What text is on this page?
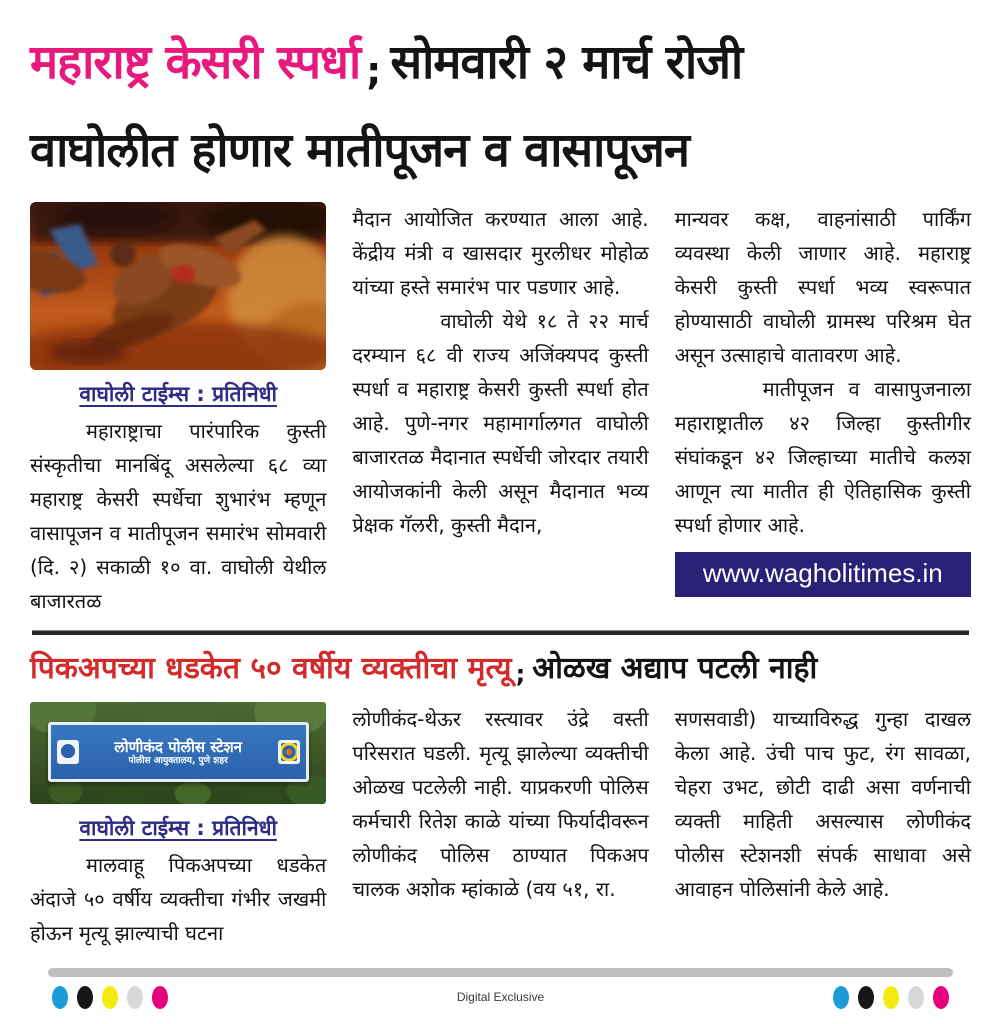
महाराष्ट्र केसरी स्पर्धा ; सोमवारी २ मार्च रोजी
वाघोलीत होणार मातीपूजन व वासापूजन
वाघोली टाईम्स : प्रतिनिधी

महाराष्ट्राचा पारंपारिक कुस्ती संस्कृतीचा मानबिंदू असलेल्या ६८ व्या महाराष्ट्र केसरी स्पर्धेचा शुभारंभ म्हणून वासापूजन व मातीपूजन समारंभ सोमवारी (दि. २) सकाळी १० वा. वाघोली येथील बाजारतळ

मैदान आयोजित करण्यात आला आहे. केंद्रीय मंत्री व खासदार मुरलीधर मोहोळ यांच्या हस्ते समारंभ पार पडणार आहे.

वाघोली येथे १८ ते २२ मार्च दरम्यान ६८ वी राज्य अजिंक्यपद कुस्ती स्पर्धा व महाराष्ट्र केसरी कुस्ती स्पर्धा होत आहे. पुणे-नगर महामार्गालगत वाघोली बाजारतळ मैदानात स्पर्धेची जोरदार तयारी आयोजकांनी केली असून मैदानात भव्य प्रेक्षक गॅलरी, कुस्ती मैदान,

मान्यवर कक्ष, वाहनांसाठी पार्किंग व्यवस्था केली जाणार आहे. महाराष्ट्र केसरी कुस्ती स्पर्धा भव्य स्वरूपात होण्यासाठी वाघोली ग्रामस्थ परिश्रम घेत असून उत्साहाचे वातावरण आहे.

मातीपूजन व वासापुजनाला महाराष्ट्रातील ४२ जिल्हा कुस्तीगीर संघांकडून ४२ जिल्हाच्या मातीचे कलश आणून त्या मातीत ही ऐतिहासिक कुस्ती स्पर्धा होणार आहे.

www.wagholitimes.in
पिकअपच्या धडकेत ५० वर्षीय व्यक्तीचा मृत्यू ; ओळख अद्याप पटली नाही
लोणीकंद पोलीस स्टेशन
पोलीस आयुक्तालय, पुणे शहर
वाघोली टाईम्स : प्रतिनिधी

मालवाहू पिकअपच्या धडकेत अंदाजे ५० वर्षीय व्यक्तीचा गंभीर जखमी होऊन मृत्यू झाल्याची घटना

लोणीकंद-थेऊर रस्त्यावर उंद्रे वस्ती परिसरात घडली. मृत्यू झालेल्या व्यक्तीची ओळख पटलेली नाही. याप्रकरणी पोलिस कर्मचारी रितेश काळे यांच्या फिर्यादीवरून लोणीकंद पोलिस ठाण्यात पिकअप चालक अशोक म्हांकाळे (वय ५१, रा.

सणसवाडी) याच्याविरुद्ध गुन्हा दाखल केला आहे. उंची पाच फुट, रंग सावळा, चेहरा उभट, छोटी दाढी असा वर्णनाची व्यक्ती माहिती असल्यास लोणीकंद पोलीस स्टेशनशी संपर्क साधावा असे आवाहन पोलिसांनी केले आहे.

Digital Exclusive
